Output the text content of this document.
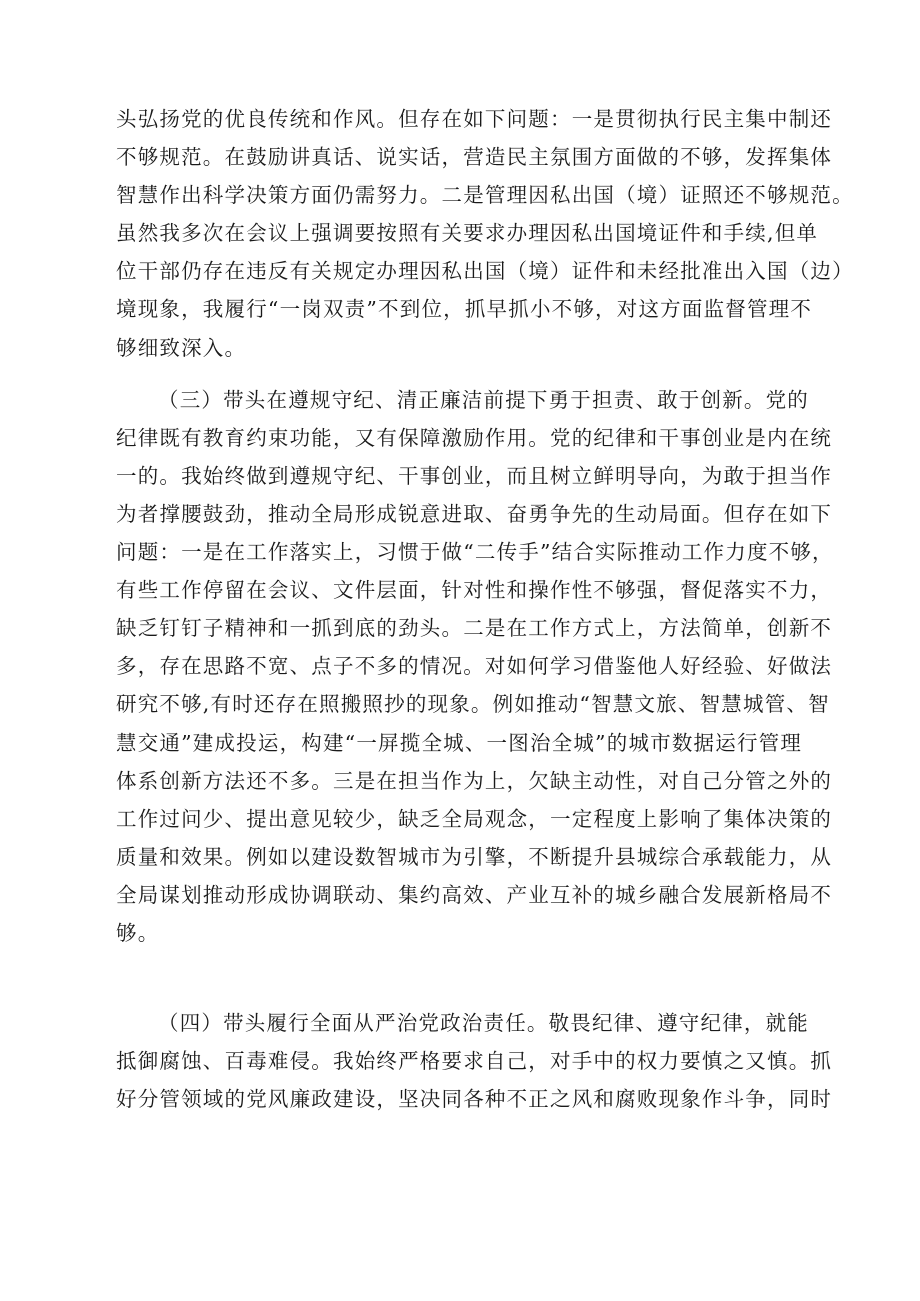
头弘扬党的优良传统和作风。但存在如下问题：一是贯彻执行民主集中制还
不够规范。在鼓励讲真话、说实话，营造民主氛围方面做的不够，发挥集体
智慧作出科学决策方面仍需努力。二是管理因私出国（境）证照还不够规范。
虽然我多次在会议上强调要按照有关要求办理因私出国境证件和手续,但单
位干部仍存在违反有关规定办理因私出国（境）证件和未经批准出入国（边）
境现象，我履行“一岗双责”不到位，抓早抓小不够，对这方面监督管理不
够细致深入。
（三）带头在遵规守纪、清正廉洁前提下勇于担责、敢于创新。党的
纪律既有教育约束功能，又有保障激励作用。党的纪律和干事创业是内在统
一的。我始终做到遵规守纪、干事创业，而且树立鲜明导向，为敢于担当作
为者撑腰鼓劲，推动全局形成锐意进取、奋勇争先的生动局面。但存在如下
问题：一是在工作落实上，习惯于做“二传手”结合实际推动工作力度不够，
有些工作停留在会议、文件层面，针对性和操作性不够强，督促落实不力，
缺乏钉钉子精神和一抓到底的劲头。二是在工作方式上，方法简单，创新不
多，存在思路不宽、点子不多的情况。对如何学习借鉴他人好经验、好做法
研究不够,有时还存在照搬照抄的现象。例如推动“智慧文旅、智慧城管、智
慧交通”建成投运，构建“一屏揽全城、一图治全城”的城市数据运行管理
体系创新方法还不多。三是在担当作为上，欠缺主动性，对自己分管之外的
工作过问少、提出意见较少，缺乏全局观念，一定程度上影响了集体决策的
质量和效果。例如以建设数智城市为引擎，不断提升县城综合承载能力，从
全局谋划推动形成协调联动、集约高效、产业互补的城乡融合发展新格局不
够。
（四）带头履行全面从严治党政治责任。敬畏纪律、遵守纪律，就能
抵御腐蚀、百毒难侵。我始终严格要求自己，对手中的权力要慎之又慎。抓
好分管领域的党风廉政建设，坚决同各种不正之风和腐败现象作斗争，同时
